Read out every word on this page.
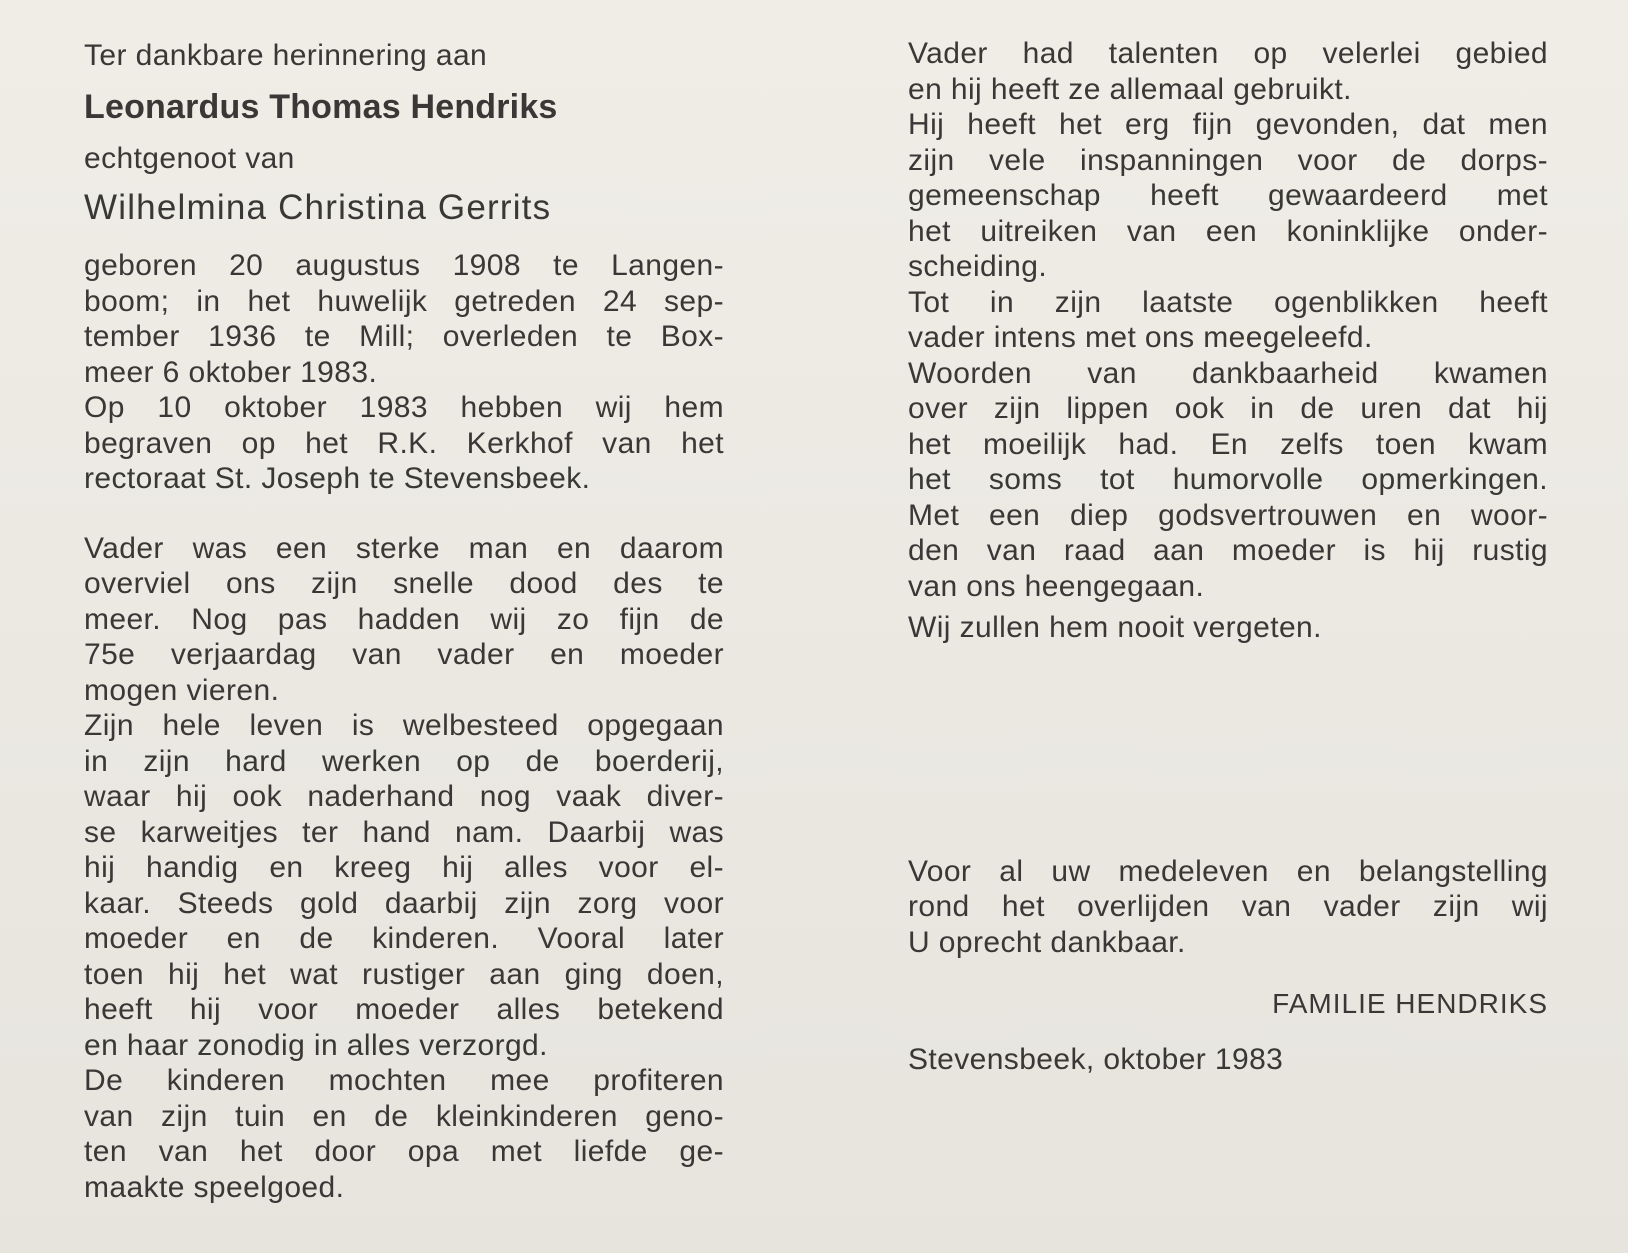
Ter dankbare herinnering aan
Leonardus Thomas Hendriks
echtgenoot van
Wilhelmina Christina Gerrits
geboren 20 augustus 1908 te Langen-
boom; in het huwelijk getreden 24 sep-
tember 1936 te Mill; overleden te Box-
meer 6 oktober 1983.
Op 10 oktober 1983 hebben wij hem
begraven op het R.K. Kerkhof van het
rectoraat St. Joseph te Stevensbeek.
Vader was een sterke man en daarom
overviel ons zijn snelle dood des te
meer. Nog pas hadden wij zo fijn de
75e verjaardag van vader en moeder
mogen vieren.
Zijn hele leven is welbesteed opgegaan
in zijn hard werken op de boerderij,
waar hij ook naderhand nog vaak diver-
se karweitjes ter hand nam. Daarbij was
hij handig en kreeg hij alles voor el-
kaar. Steeds gold daarbij zijn zorg voor
moeder en de kinderen. Vooral later
toen hij het wat rustiger aan ging doen,
heeft hij voor moeder alles betekend
en haar zonodig in alles verzorgd.
De kinderen mochten mee profiteren
van zijn tuin en de kleinkinderen geno-
ten van het door opa met liefde ge-
maakte speelgoed.
Vader had talenten op velerlei gebied
en hij heeft ze allemaal gebruikt.
Hij heeft het erg fijn gevonden, dat men
zijn vele inspanningen voor de dorps-
gemeenschap heeft gewaardeerd met
het uitreiken van een koninklijke onder-
scheiding.
Tot in zijn laatste ogenblikken heeft
vader intens met ons meegeleefd.
Woorden van dankbaarheid kwamen
over zijn lippen ook in de uren dat hij
het moeilijk had. En zelfs toen kwam
het soms tot humorvolle opmerkingen.
Met een diep godsvertrouwen en woor-
den van raad aan moeder is hij rustig
van ons heengegaan.
Wij zullen hem nooit vergeten.
Voor al uw medeleven en belangstelling
rond het overlijden van vader zijn wij
U oprecht dankbaar.
FAMILIE HENDRIKS
Stevensbeek, oktober 1983
